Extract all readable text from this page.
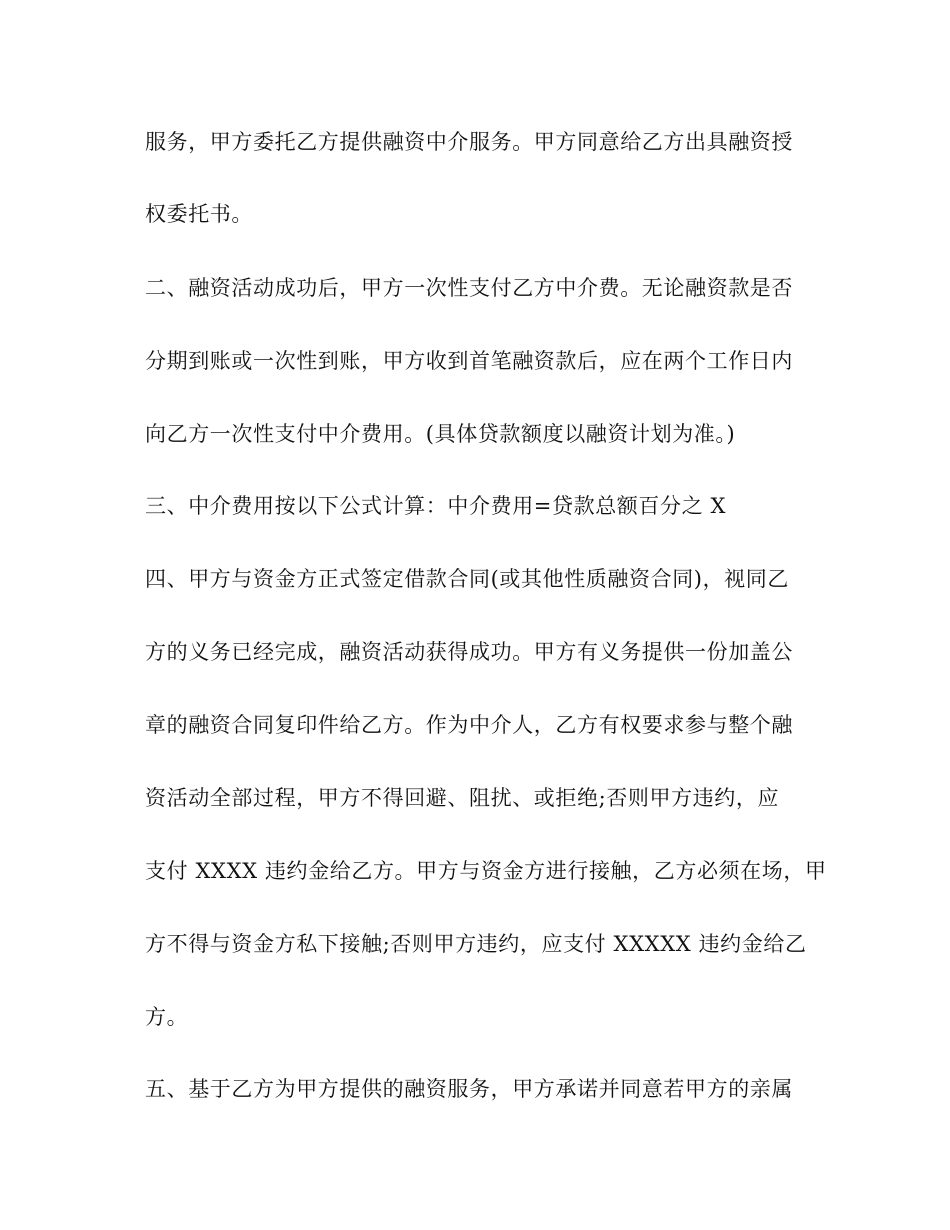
服务，甲方委托乙方提供融资中介服务。甲方同意给乙方出具融资授
权委托书。
二、融资活动成功后，甲方一次性支付乙方中介费。无论融资款是否
分期到账或一次性到账，甲方收到首笔融资款后，应在两个工作日内
向乙方一次性支付中介费用。(具体贷款额度以融资计划为准。)
三、中介费用按以下公式计算：中介费用=贷款总额百分之 X
四、甲方与资金方正式签定借款合同(或其他性质融资合同)，视同乙
方的义务已经完成，融资活动获得成功。甲方有义务提供一份加盖公
章的融资合同复印件给乙方。作为中介人，乙方有权要求参与整个融
资活动全部过程，甲方不得回避、阻扰、或拒绝;否则甲方违约，应
支付 XXXX 违约金给乙方。甲方与资金方进行接触，乙方必须在场，甲
方不得与资金方私下接触;否则甲方违约，应支付 XXXXX 违约金给乙
方。
五、基于乙方为甲方提供的融资服务，甲方承诺并同意若甲方的亲属
